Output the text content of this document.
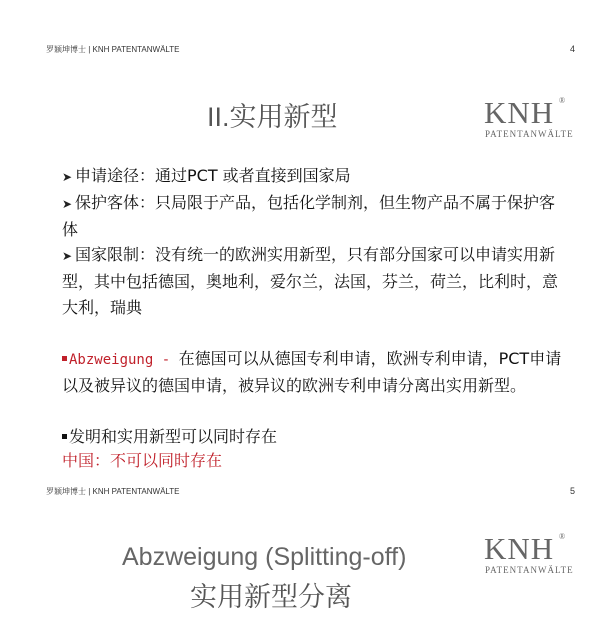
罗颖坤博士 | KNH PATENTANWÄLTE	4
KNH ®
PATENTANWÄLTE
II.实用新型

➤ 申请途径：通过PCT 或者直接到国家局

➤ 保护客体：只局限于产品，包括化学制剂，但生物产品不属于保护客体

➤ 国家限制：没有统一的欧洲实用新型，只有部分国家可以申请实用新型，其中包括德国，奥地利，爱尔兰，法国，芬兰，荷兰，比利时，意大利，瑞典

Abzweigung - 在德国可以从德国专利申请，欧洲专利申请，PCT申请以及被异议的德国申请，被异议的欧洲专利申请分离出实用新型。

发明和实用新型可以同时存在

中国：不可以同时存在

罗颖坤博士 | KNH PATENTANWÄLTE	5
KNH ®
PATENTANWÄLTE
Abzweigung (Splitting-off)
实用新型分离
